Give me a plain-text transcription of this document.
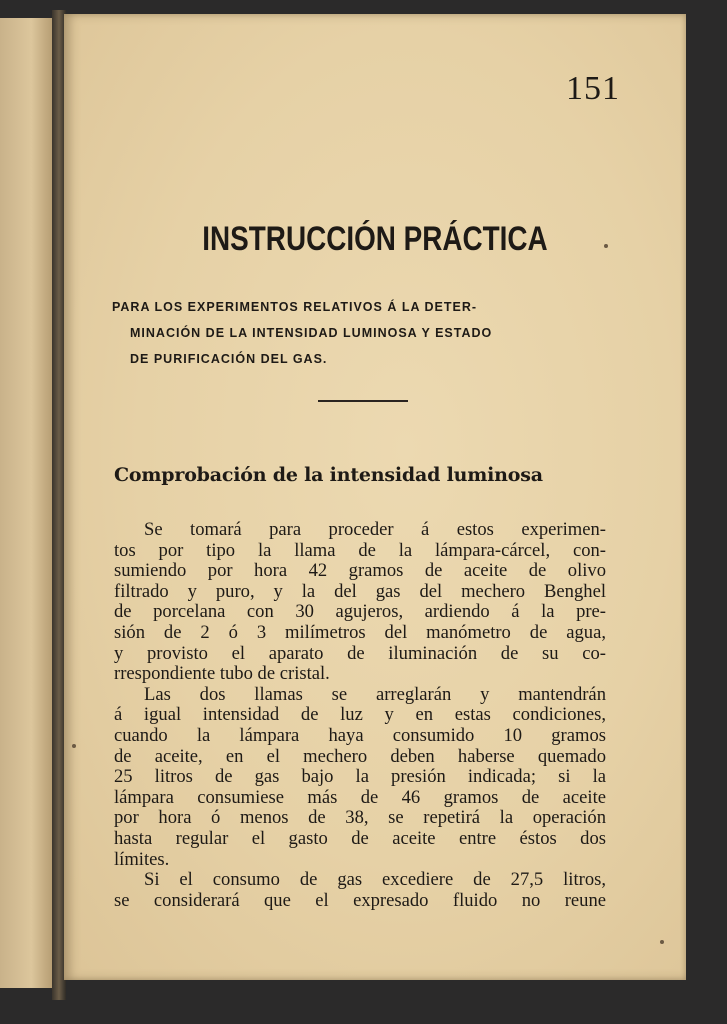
151
INSTRUCCIÓN PRÁCTICA
PARA LOS EXPERIMENTOS RELATIVOS Á LA DETER-
MINACIÓN DE LA INTENSIDAD LUMINOSA Y ESTADO
DE PURIFICACIÓN DEL GAS.
Comprobación de la intensidad luminosa
Se tomará para proceder á estos experimen-
tos por tipo la llama de la lámpara-cárcel, con-
sumiendo por hora 42 gramos de aceite de olivo
filtrado y puro, y la del gas del mechero Benghel
de porcelana con 30 agujeros, ardiendo á la pre-
sión de 2 ó 3 milímetros del manómetro de agua,
y provisto el aparato de iluminación de su co-
rrespondiente tubo de cristal.
Las dos llamas se arreglarán y mantendrán
á igual intensidad de luz y en estas condiciones,
cuando la lámpara haya consumido 10 gramos
de aceite, en el mechero deben haberse quemado
25 litros de gas bajo la presión indicada; si la
lámpara consumiese más de 46 gramos de aceite
por hora ó menos de 38, se repetirá la operación
hasta regular el gasto de aceite entre éstos dos
límites.
Si el consumo de gas excediere de 27,5 litros,
se considerará que el expresado fluido no reune
